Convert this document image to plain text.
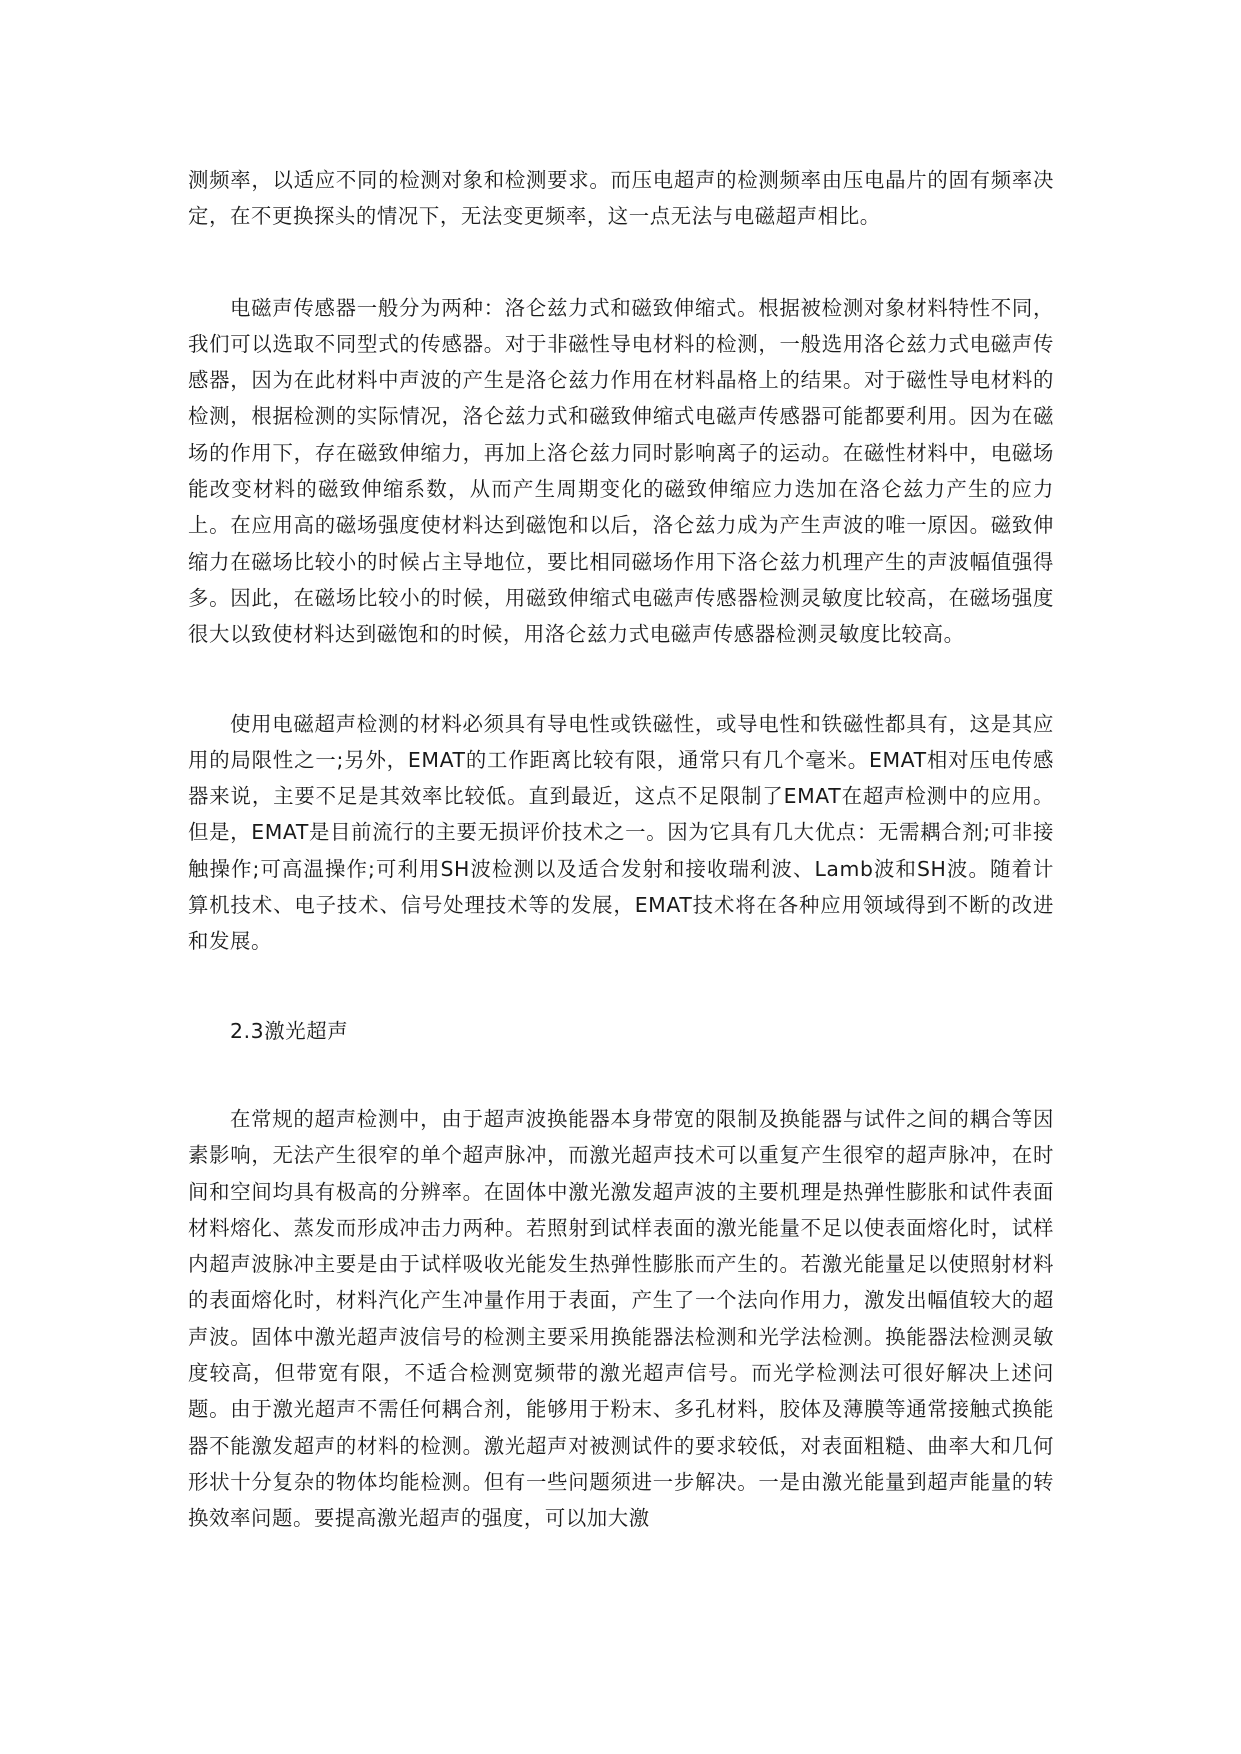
测频率，以适应不同的检测对象和检测要求。而压电超声的检测频率由压电晶片的固有频率决定，在不更换探头的情况下，无法变更频率，这一点无法与电磁超声相比。

电磁声传感器一般分为两种：洛仑兹力式和磁致伸缩式。根据被检测对象材料特性不同，我们可以选取不同型式的传感器。对于非磁性导电材料的检测，一般选用洛仑兹力式电磁声传感器，因为在此材料中声波的产生是洛仑兹力作用在材料晶格上的结果。对于磁性导电材料的检测，根据检测的实际情况，洛仑兹力式和磁致伸缩式电磁声传感器可能都要利用。因为在磁场的作用下，存在磁致伸缩力，再加上洛仑兹力同时影响离子的运动。在磁性材料中，电磁场能改变材料的磁致伸缩系数，从而产生周期变化的磁致伸缩应力迭加在洛仑兹力产生的应力上。在应用高的磁场强度使材料达到磁饱和以后，洛仑兹力成为产生声波的唯一原因。磁致伸缩力在磁场比较小的时候占主导地位，要比相同磁场作用下洛仑兹力机理产生的声波幅值强得多。因此，在磁场比较小的时候，用磁致伸缩式电磁声传感器检测灵敏度比较高，在磁场强度很大以致使材料达到磁饱和的时候，用洛仑兹力式电磁声传感器检测灵敏度比较高。

使用电磁超声检测的材料必须具有导电性或铁磁性，或导电性和铁磁性都具有，这是其应用的局限性之一;另外，EMAT的工作距离比较有限，通常只有几个毫米。EMAT相对压电传感器来说，主要不足是其效率比较低。直到最近，这点不足限制了EMAT在超声检测中的应用。但是，EMAT是目前流行的主要无损评价技术之一。因为它具有几大优点：无需耦合剂;可非接触操作;可高温操作;可利用SH波检测以及适合发射和接收瑞利波、Lamb波和SH波。随着计算机技术、电子技术、信号处理技术等的发展，EMAT技术将在各种应用领域得到不断的改进和发展。

2.3激光超声

在常规的超声检测中，由于超声波换能器本身带宽的限制及换能器与试件之间的耦合等因素影响，无法产生很窄的单个超声脉冲，而激光超声技术可以重复产生很窄的超声脉冲，在时间和空间均具有极高的分辨率。在固体中激光激发超声波的主要机理是热弹性膨胀和试件表面材料熔化、蒸发而形成冲击力两种。若照射到试样表面的激光能量不足以使表面熔化时，试样内超声波脉冲主要是由于试样吸收光能发生热弹性膨胀而产生的。若激光能量足以使照射材料的表面熔化时，材料汽化产生冲量作用于表面，产生了一个法向作用力，激发出幅值较大的超声波。固体中激光超声波信号的检测主要采用换能器法检测和光学法检测。换能器法检测灵敏度较高，但带宽有限，不适合检测宽频带的激光超声信号。而光学检测法可很好解决上述问题。由于激光超声不需任何耦合剂，能够用于粉末、多孔材料，胶体及薄膜等通常接触式换能器不能激发超声的材料的检测。激光超声对被测试件的要求较低，对表面粗糙、曲率大和几何形状十分复杂的物体均能检测。但有一些问题须进一步解决。一是由激光能量到超声能量的转换效率问题。要提高激光超声的强度，可以加大激
